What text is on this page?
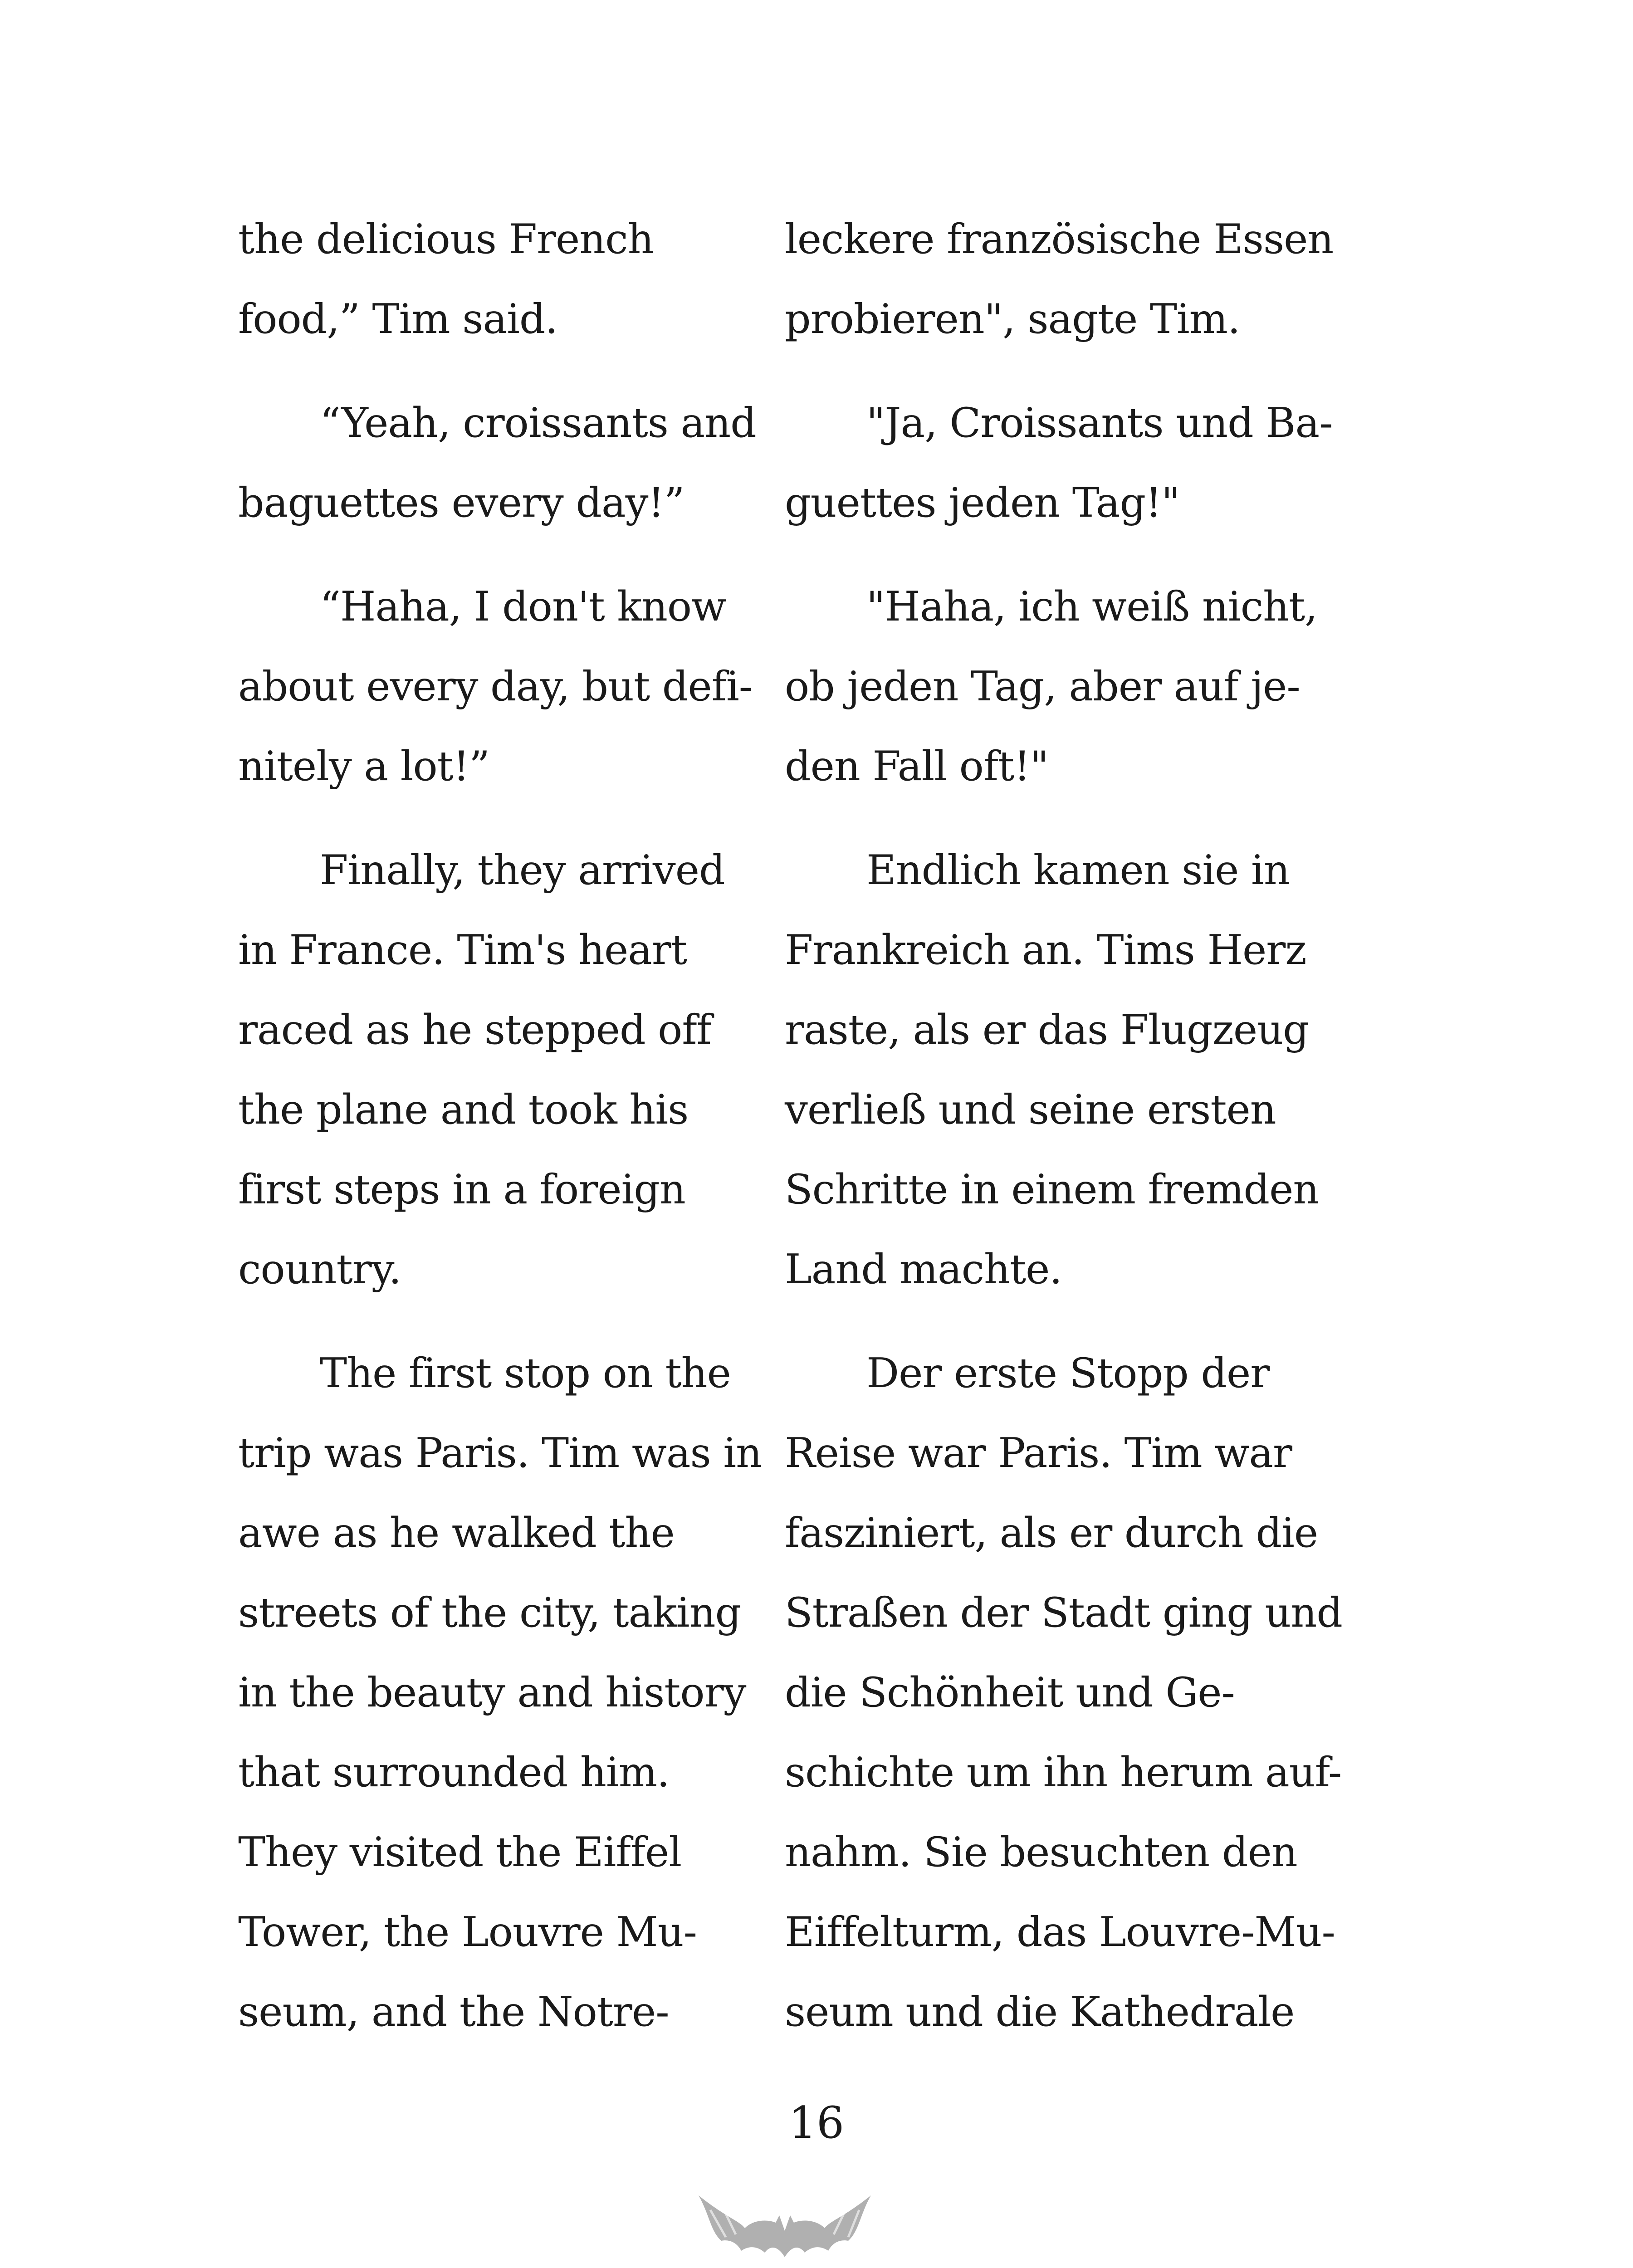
the delicious French
food,” Tim said.
“Yeah, croissants and
baguettes every day!”
“Haha, I don't know
about every day, but defi-
nitely a lot!”
Finally, they arrived
in France. Tim's heart
raced as he stepped off
the plane and took his
first steps in a foreign
country.
The first stop on the
trip was Paris. Tim was in
awe as he walked the
streets of the city, taking
in the beauty and history
that surrounded him.
They visited the Eiffel
Tower, the Louvre Mu-
seum, and the Notre-
leckere französische Essen
probieren", sagte Tim.
"Ja, Croissants und Ba-
guettes jeden Tag!"
"Haha, ich weiß nicht,
ob jeden Tag, aber auf je-
den Fall oft!"
Endlich kamen sie in
Frankreich an. Tims Herz
raste, als er das Flugzeug
verließ und seine ersten
Schritte in einem fremden
Land machte.
Der erste Stopp der
Reise war Paris. Tim war
fasziniert, als er durch die
Straßen der Stadt ging und
die Schönheit und Ge-
schichte um ihn herum auf-
nahm. Sie besuchten den
Eiffelturm, das Louvre-Mu-
seum und die Kathedrale
16
